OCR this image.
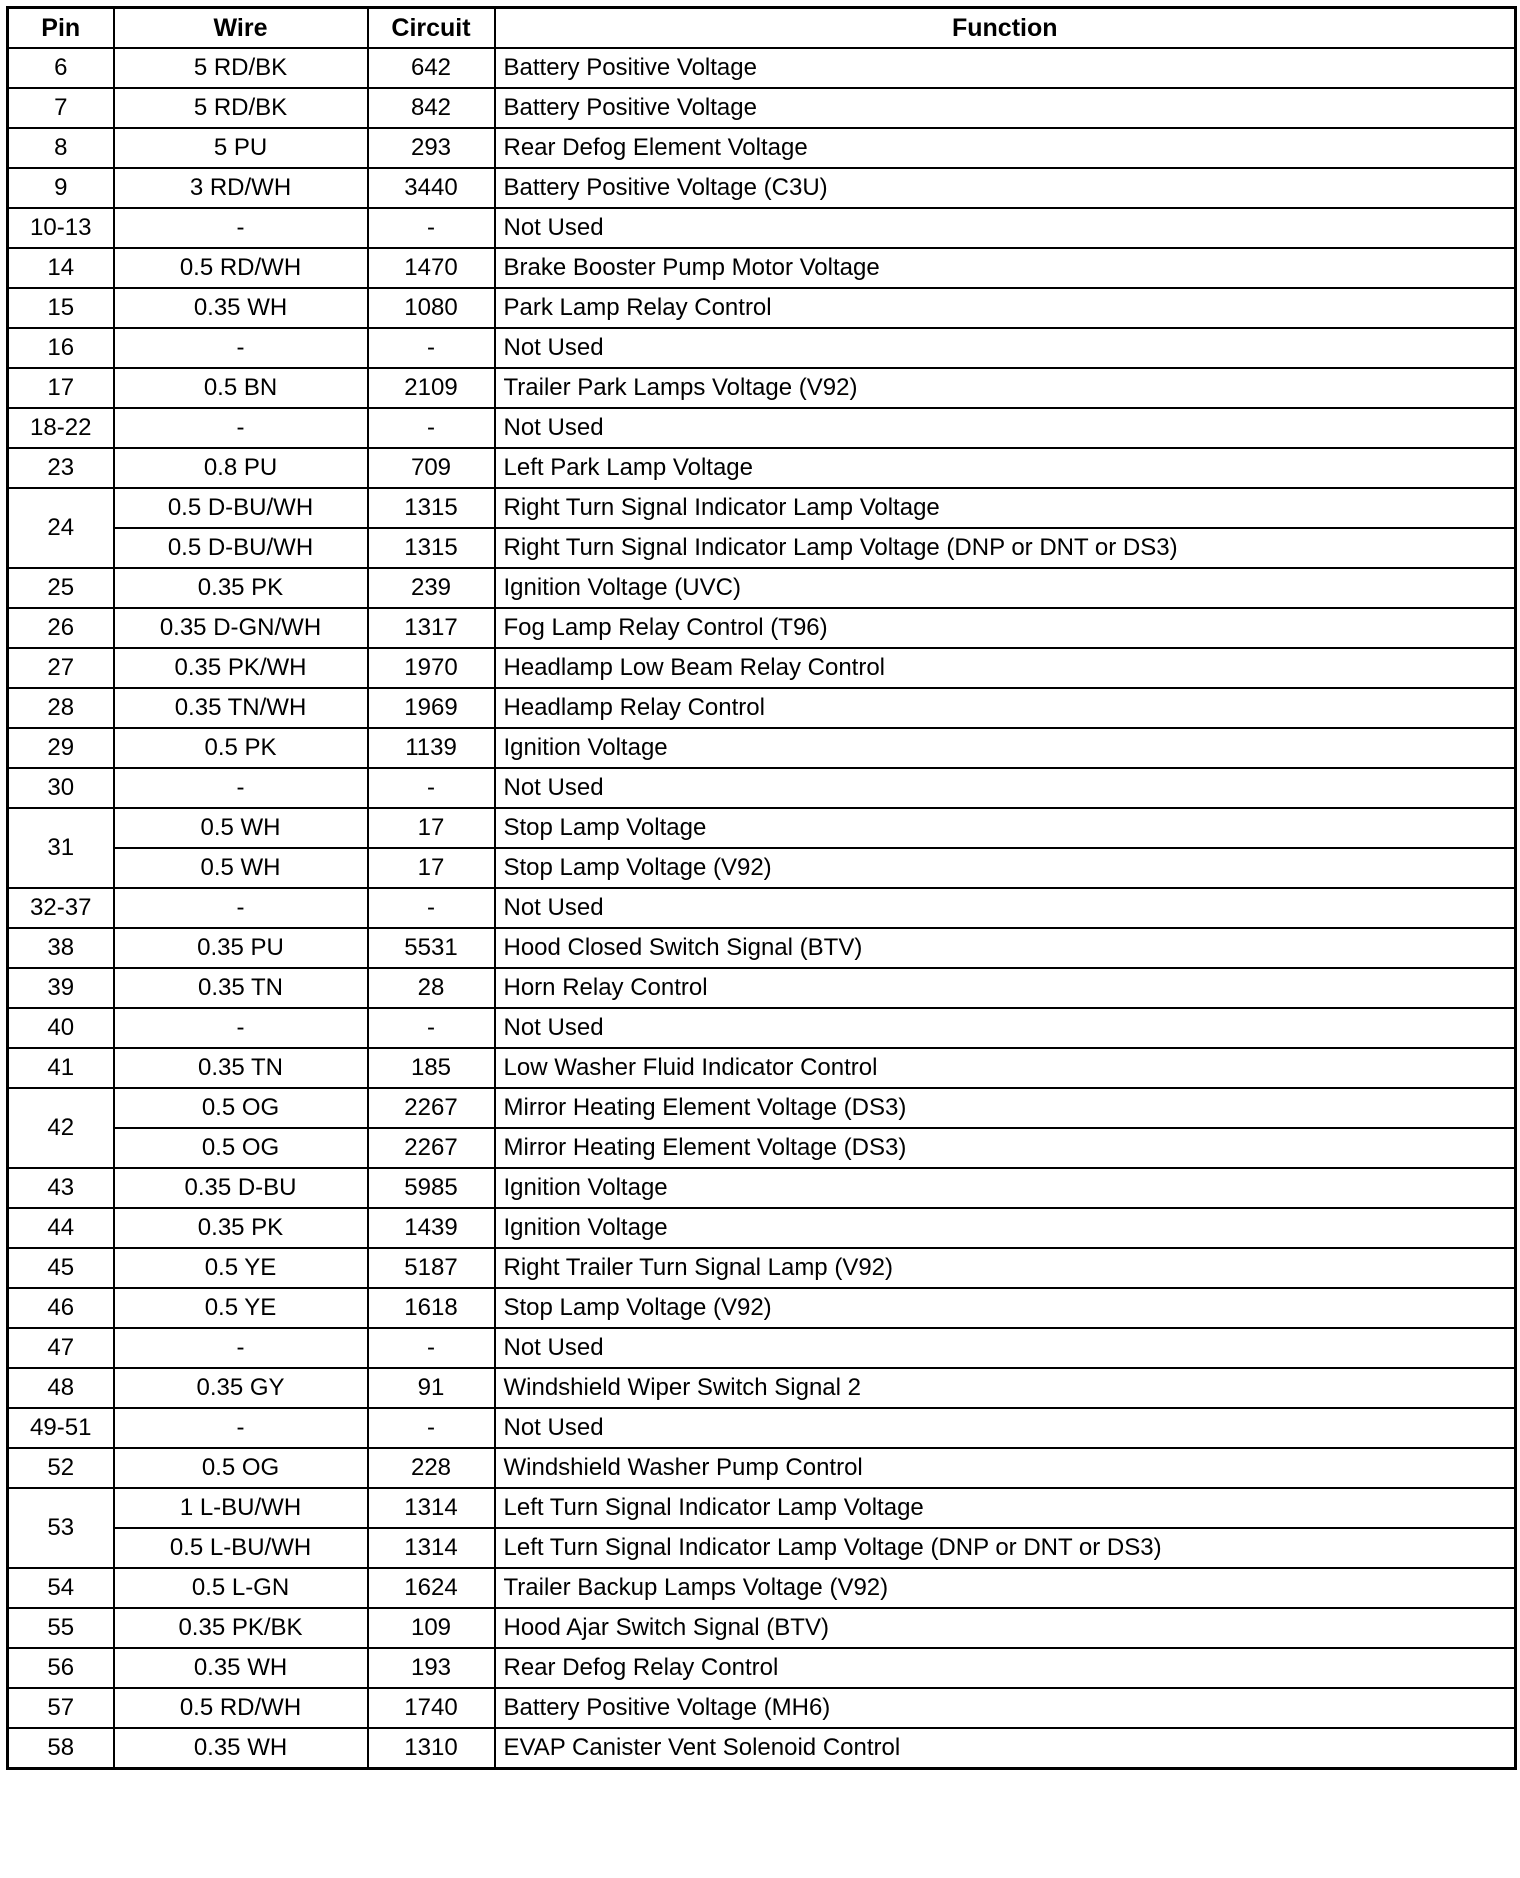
Pin	Wire	Circuit	Function
6	5 RD/BK	642	Battery Positive Voltage
7	5 RD/BK	842	Battery Positive Voltage
8	5 PU	293	Rear Defog Element Voltage
9	3 RD/WH	3440	Battery Positive Voltage (C3U)
10-13	-	-	Not Used
14	0.5 RD/WH	1470	Brake Booster Pump Motor Voltage
15	0.35 WH	1080	Park Lamp Relay Control
16	-	-	Not Used
17	0.5 BN	2109	Trailer Park Lamps Voltage (V92)
18-22	-	-	Not Used
23	0.8 PU	709	Left Park Lamp Voltage
24	0.5 D-BU/WH	1315	Right Turn Signal Indicator Lamp Voltage
	0.5 D-BU/WH	1315	Right Turn Signal Indicator Lamp Voltage (DNP or DNT or DS3)
25	0.35 PK	239	Ignition Voltage (UVC)
26	0.35 D-GN/WH	1317	Fog Lamp Relay Control (T96)
27	0.35 PK/WH	1970	Headlamp Low Beam Relay Control
28	0.35 TN/WH	1969	Headlamp Relay Control
29	0.5 PK	1139	Ignition Voltage
30	-	-	Not Used
31	0.5 WH	17	Stop Lamp Voltage
	0.5 WH	17	Stop Lamp Voltage (V92)
32-37	-	-	Not Used
38	0.35 PU	5531	Hood Closed Switch Signal (BTV)
39	0.35 TN	28	Horn Relay Control
40	-	-	Not Used
41	0.35 TN	185	Low Washer Fluid Indicator Control
42	0.5 OG	2267	Mirror Heating Element Voltage (DS3)
	0.5 OG	2267	Mirror Heating Element Voltage (DS3)
43	0.35 D-BU	5985	Ignition Voltage
44	0.35 PK	1439	Ignition Voltage
45	0.5 YE	5187	Right Trailer Turn Signal Lamp (V92)
46	0.5 YE	1618	Stop Lamp Voltage (V92)
47	-	-	Not Used
48	0.35 GY	91	Windshield Wiper Switch Signal 2
49-51	-	-	Not Used
52	0.5 OG	228	Windshield Washer Pump Control
53	1 L-BU/WH	1314	Left Turn Signal Indicator Lamp Voltage
	0.5 L-BU/WH	1314	Left Turn Signal Indicator Lamp Voltage (DNP or DNT or DS3)
54	0.5 L-GN	1624	Trailer Backup Lamps Voltage (V92)
55	0.35 PK/BK	109	Hood Ajar Switch Signal (BTV)
56	0.35 WH	193	Rear Defog Relay Control
57	0.5 RD/WH	1740	Battery Positive Voltage (MH6)
58	0.35 WH	1310	EVAP Canister Vent Solenoid Control
